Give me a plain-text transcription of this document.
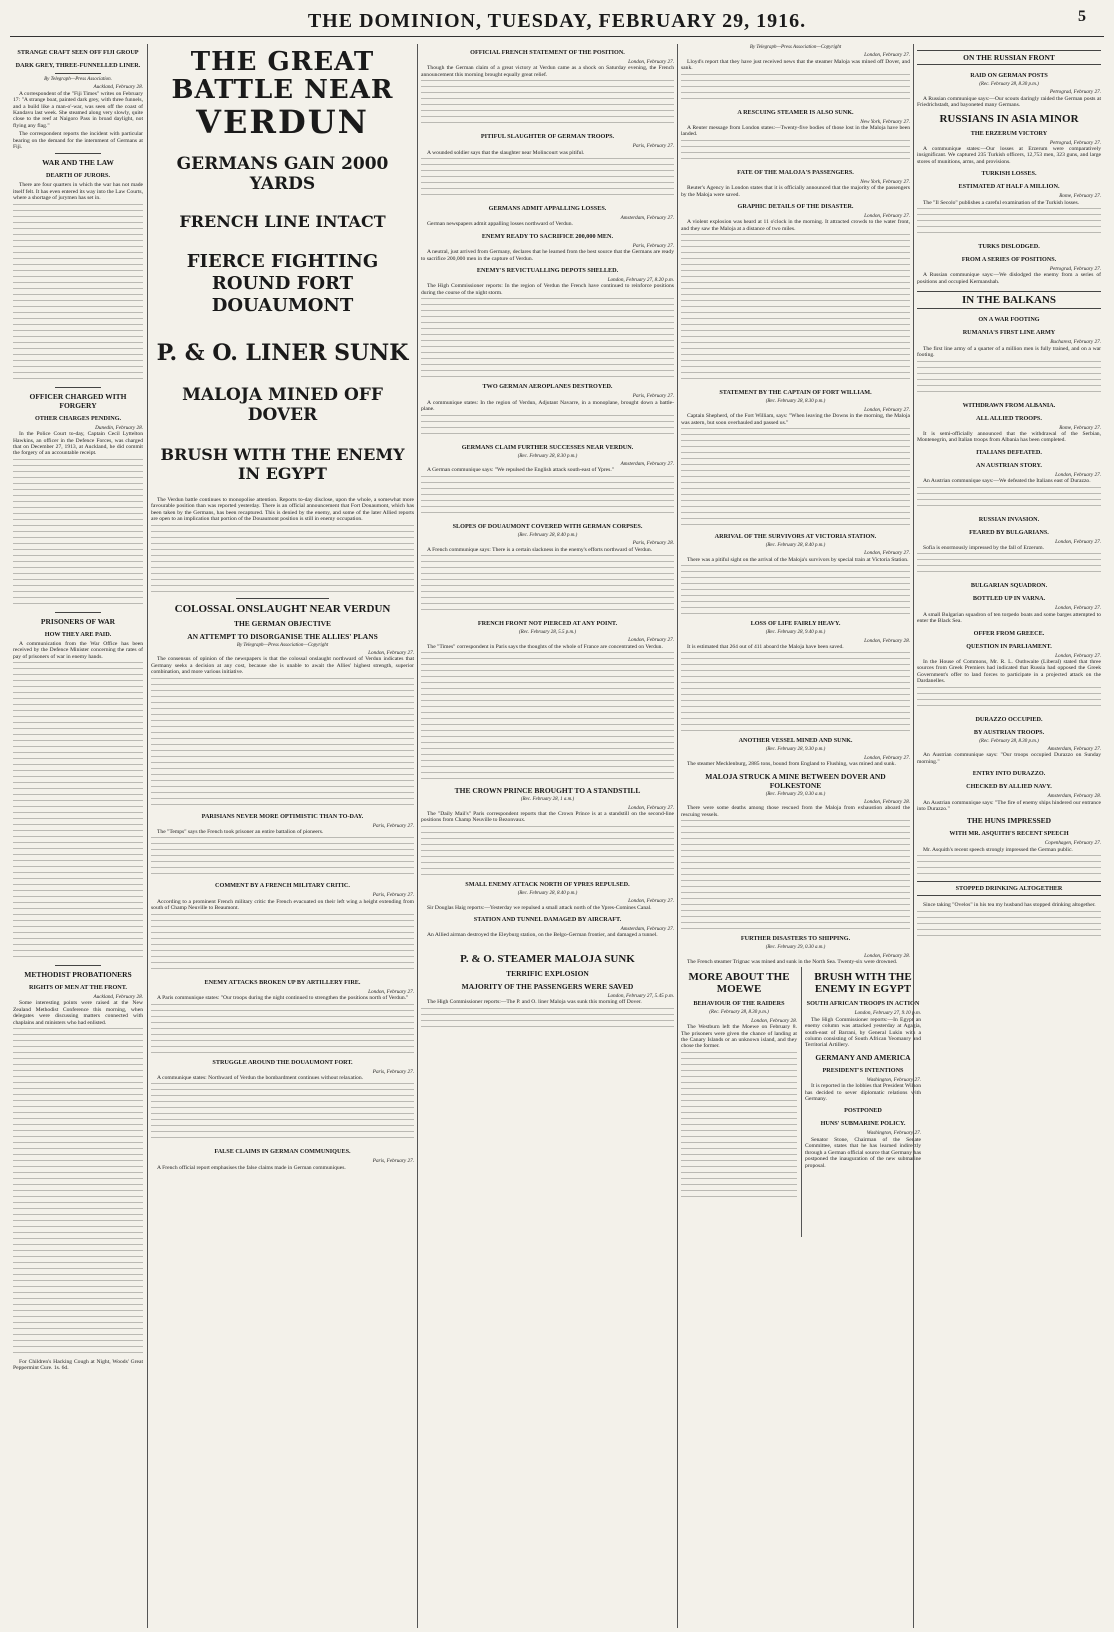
THE DOMINION, TUESDAY, FEBRUARY 29, 1916.	5
STRANGE CRAFT SEEN OFF FIJI GROUP
DARK GREY, THREE-FUNNELLED LINER.
By Telegraph—Press Association.
Auckland, February 28.
A correspondent of the "Fiji Times" writes on February 17: "A strange boat, painted dark grey, with three funnels, and a build like a man-o'-war, was seen off the coast of Kandavu last week. She steamed along very slowly, quite close to the reef at Naigoro Pass in broad daylight, not flying any flag."
The correspondent reports the incident with particular bearing on the demand for the internment of Germans at Fiji.
WAR AND THE LAW
DEARTH OF JURORS.
There are four quarters in which the war has not made itself felt. It has even entered its way into the Law Courts, where a shortage of jurymen has set in.
OFFICER CHARGED WITH FORGERY
OTHER CHARGES PENDING.
Dunedin, February 28.
In the Police Court to-day, Captain Cecil Lyttelton Hawkins, an officer in the Defence Forces, was charged that on December 27, 1913, at Auckland, he did commit the forgery of an accountable receipt.
PRISONERS OF WAR
HOW THEY ARE PAID.
A communication from the War Office has been received by the Defence Minister concerning the rates of pay of prisoners of war in enemy hands.
METHODIST PROBATIONERS
RIGHTS OF MEN AT THE FRONT.
Auckland, February 28.
Some interesting points were raised at the New Zealand Methodist Conference this morning, when delegates were discussing matters connected with chaplains and ministers who had enlisted.
For Children's Hacking Cough at Night, Woods' Great Peppermint Cure. 1s. 6d.
THE GREAT BATTLE NEAR
VERDUN
GERMANS GAIN 2000 YARDS
FRENCH LINE INTACT
FIERCE FIGHTING ROUND FORT DOUAUMONT
P. & O. LINER SUNK
MALOJA MINED OFF DOVER
BRUSH WITH THE ENEMY IN EGYPT
The Verdun battle continues to monopolise attention. Reports to-day disclose, upon the whole, a somewhat more favourable position than was reported yesterday. There is an official announcement that Fort Douaumont, which has been taken by the Germans, has been recaptured. This is denied by the enemy, and some of the later Allied reports are open to an implication that portion of the Douaumont position is still in enemy occupation.
COLOSSAL ONSLAUGHT NEAR VERDUN
THE GERMAN OBJECTIVE
AN ATTEMPT TO DISORGANISE THE ALLIES' PLANS
By Telegraph—Press Association—Copyright
London, February 27.
The consensus of opinion of the newspapers is that the colossal onslaught northward of Verdun indicates that Germany seeks a decision at any cost, because she is unable to await the Allies' highest strength, superior combination, and more various initiative.
PARISIANS NEVER MORE OPTIMISTIC THAN TO-DAY.
Paris, February 27.
The "Temps" says the French took prisoner an entire battalion of pioneers.
COMMENT BY A FRENCH MILITARY CRITIC.
Paris, February 27.
According to a prominent French military critic the French evacuated on their left wing a height extending from south of Champ Neuville to Beaumont.
ENEMY ATTACKS BROKEN UP BY ARTILLERY FIRE.
London, February 27.
A Paris communique states: "Our troops during the night continued to strengthen the positions north of Verdun."
STRUGGLE AROUND THE DOUAUMONT FORT.
Paris, February 27.
A communique states: Northward of Verdun the bombardment continues without relaxation.
FALSE CLAIMS IN GERMAN COMMUNIQUES.
Paris, February 27.
A French official report emphasises the false claims made in German communiques.
OFFICIAL FRENCH STATEMENT OF THE POSITION.
London, February 27.
Though the German claim of a great victory at Verdun came as a shock on Saturday evening, the French announcement this morning brought equally great relief.
PITIFUL SLAUGHTER OF GERMAN TROOPS.
Paris, February 27.
A wounded soldier says that the slaughter near Molincourt was pitiful.
GERMANS ADMIT APPALLING LOSSES.
Amsterdam, February 27.
German newspapers admit appalling losses northward of Verdun.
ENEMY READY TO SACRIFICE 200,000 MEN.
Paris, February 27.
A neutral, just arrived from Germany, declares that he learned from the best source that the Germans are ready to sacrifice 200,000 men in the capture of Verdun.
ENEMY'S REVICTUALLING DEPOTS SHELLED.
London, February 27, 8.20 p.m.
The High Commissioner reports: In the region of Verdun the French have continued to reinforce positions during the course of the night storm.
TWO GERMAN AEROPLANES DESTROYED.
Paris, February 27.
A communique states: In the region of Verdun, Adjutant Navarre, in a monoplane, brought down a battle-plane.
GERMANS CLAIM FURTHER SUCCESSES NEAR VERDUN.
(Rec. February 28, 8.30 p.m.)
Amsterdam, February 27.
A German communique says: "We repulsed the English attack south-east of Ypres."
SLOPES OF DOUAUMONT COVERED WITH GERMAN CORPSES.
(Rec. February 28, 8.40 p.m.)
Paris, February 28.
A French communique says: There is a certain slackness in the enemy's efforts northward of Verdun.
FRENCH FRONT NOT PIERCED AT ANY POINT.
(Rec. February 28, 5.5 p.m.)
London, February 27.
The "Times" correspondent in Paris says the thoughts of the whole of France are concentrated on Verdun.
THE CROWN PRINCE BROUGHT TO A STANDSTILL
(Rec. February 28, 1 a.m.)
London, February 27.
The "Daily Mail's" Paris correspondent reports that the Crown Prince is at a standstill on the second-line positions from Champ Neuville to Bezonvaux.
SMALL ENEMY ATTACK NORTH OF YPRES REPULSED.
(Rec. February 28, 8.40 p.m.)
London, February 27.
Sir Douglas Haig reports:—Yesterday we repulsed a small attack north of the Ypres-Comines Canal.
STATION AND TUNNEL DAMAGED BY AIRCRAFT.
Amsterdam, February 27.
An Allied airman destroyed the Eleyburg station, on the Belgo-German frontier, and damaged a tunnel.
P. & O. STEAMER MALOJA SUNK
TERRIFIC EXPLOSION
MAJORITY OF THE PASSENGERS WERE SAVED
London, February 27, 5.45 p.m.
The High Commissioner reports:—The P. and O. liner Maloja was sunk this morning off Dover.
By Telegraph—Press Association—Copyright
London, February 27.
Lloyd's report that they have just received news that the steamer Maloja was mined off Dover, and sank.
A RESCUING STEAMER IS ALSO SUNK.
New York, February 27.
A Reuter message from London states:—Twenty-five bodies of those lost in the Maloja have been landed.
FATE OF THE MALOJA'S PASSENGERS.
New York, February 27.
Reuter's Agency in London states that it is officially announced that the majority of the passengers by the Maloja were saved.
GRAPHIC DETAILS OF THE DISASTER.
London, February 27.
A violent explosion was heard at 11 o'clock in the morning. It attracted crowds to the water front, and they saw the Maloja at a distance of two miles.
STATEMENT BY THE CAPTAIN OF FORT WILLIAM.
(Rec. February 28, 8.30 p.m.)
London, February 27.
Captain Shepherd, of the Fort William, says: "When leaving the Downs in the morning, the Maloja was astern, but soon overhauled and passed us."
ARRIVAL OF THE SURVIVORS AT VICTORIA STATION.
(Rec. February 28, 8.40 p.m.)
London, February 27.
There was a pitiful sight on the arrival of the Maloja's survivors by special train at Victoria Station.
LOSS OF LIFE FAIRLY HEAVY.
(Rec. February 28, 9.40 p.m.)
London, February 28.
It is estimated that 264 out of 411 aboard the Maloja have been saved.
ANOTHER VESSEL MINED AND SUNK.
(Rec. February 28, 9.30 p.m.)
London, February 27.
The steamer Mecklenburg, 2885 tons, bound from England to Flushing, was mined and sunk.
MALOJA STRUCK A MINE BETWEEN DOVER AND FOLKESTONE
(Rec. February 29, 0.30 a.m.)
London, February 28.
There were some deaths among those rescued from the Maloja from exhaustion aboard the rescuing vessels.
FURTHER DISASTERS TO SHIPPING.
(Rec. February 29, 0.30 a.m.)
London, February 28.
The French steamer Trignac was mined and sunk in the North Sea. Twenty-six were drowned.
MORE ABOUT THE MOEWE
BEHAVIOUR OF THE RAIDERS
(Rec. February 28, 8.30 p.m.)
London, February 28.
The Westburn left the Moewe on February 8. The prisoners were given the chance of landing at the Canary Islands or an unknown island, and they chose the former.
BRUSH WITH THE ENEMY IN EGYPT
SOUTH AFRICAN TROOPS IN ACTION
London, February 27, 9.10 p.m.
The High Commissioner reports:—In Egypt an enemy column was attacked yesterday at Agagia, south-east of Barrani, by General Lukin with a column consisting of South African Yeomanry and Territorial Artillery.
GERMANY AND AMERICA
PRESIDENT'S INTENTIONS
Washington, February 27.
It is reported in the lobbies that President Wilson has decided to sever diplomatic relations with Germany.
POSTPONED
HUNS' SUBMARINE POLICY.
Washington, February 27.
Senator Stone, Chairman of the Senate Committee, states that he has learned indirectly through a German official source that Germany has postponed the inauguration of the new submarine proposal.
ON THE RUSSIAN FRONT
RAID ON GERMAN POSTS
(Rec. February 28, 8.30 p.m.)
Petrograd, February 27.
A Russian communique says:—Our scouts daringly raided the German posts at Friedrichstadt, and bayoneted many Germans.
RUSSIANS IN ASIA MINOR
THE ERZERUM VICTORY
Petrograd, February 27.
A communique states:—Our losses at Erzerum were comparatively insignificant. We captured 235 Turkish officers, 12,753 men, 323 guns, and large stores of munitions, arms, and provisions.
TURKISH LOSSES.
ESTIMATED AT HALF A MILLION.
Rome, February 27.
The "Il Secolo" publishes a careful examination of the Turkish losses.
TURKS DISLODGED.
FROM A SERIES OF POSITIONS.
Petrograd, February 27.
A Russian communique says:—We dislodged the enemy from a series of positions and occupied Kermanshah.
IN THE BALKANS
ON A WAR FOOTING
RUMANIA'S FIRST LINE ARMY
Bucharest, February 27.
The first line army of a quarter of a million men is fully trained, and on a war footing.
WITHDRAWN FROM ALBANIA.
ALL ALLIED TROOPS.
Rome, February 27.
It is semi-officially announced that the withdrawal of the Serbian, Montenegrin, and Italian troops from Albania has been completed.
ITALIANS DEFEATED.
AN AUSTRIAN STORY.
London, February 27.
An Austrian communique says:—We defeated the Italians east of Durazzo.
RUSSIAN INVASION.
FEARED BY BULGARIANS.
London, February 27.
Sofia is enormously impressed by the fall of Erzerum.
BULGARIAN SQUADRON.
BOTTLED UP IN VARNA.
London, February 27.
A small Bulgarian squadron of ten torpedo boats and some barges attempted to enter the Black Sea.
OFFER FROM GREECE.
QUESTION IN PARLIAMENT.
London, February 27.
In the House of Commons, Mr. R. L. Outhwaite (Liberal) stated that three sources from Greek Premiers had indicated that Russia had opposed the Greek Government's offer to land forces to participate in a projected attack on the Dardanelles.
DURAZZO OCCUPIED.
BY AUSTRIAN TROOPS.
(Rec. February 28, 8.30 p.m.)
Amsterdam, February 27.
An Austrian communique says: "Our troops occupied Durazzo on Sunday morning."
ENTRY INTO DURAZZO.
CHECKED BY ALLIED NAVY.
Amsterdam, February 28.
An Austrian communique says: "The fire of enemy ships hindered our entrance into Durazzo."
THE HUNS IMPRESSED
WITH MR. ASQUITH'S RECENT SPEECH
Copenhagen, February 27.
Mr. Asquith's recent speech strongly impressed the German public.
STOPPED DRINKING ALTOGETHER
Since taking "Ovelos" in his tea my husband has stopped drinking altogether.
